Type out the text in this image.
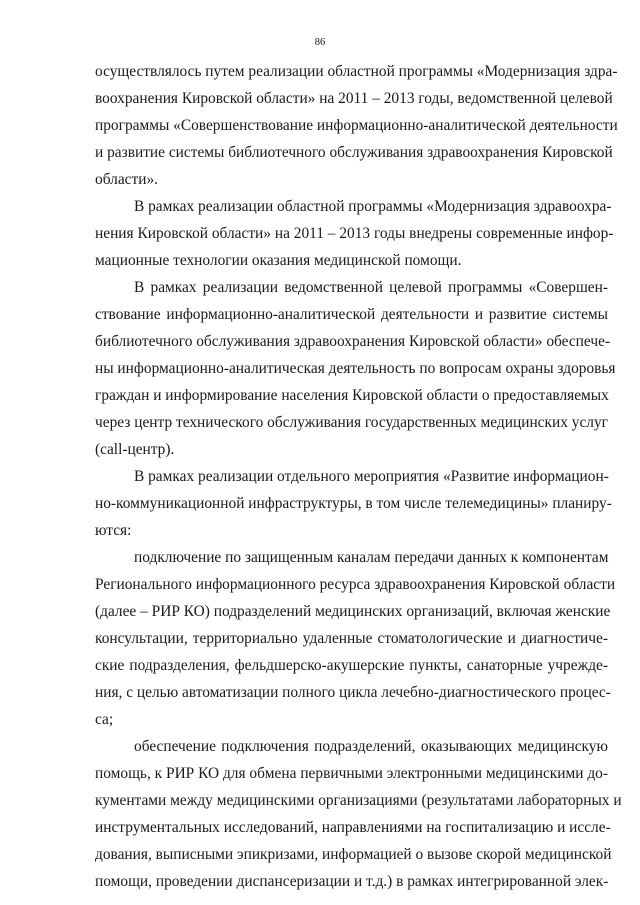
86
осуществлялось путем реализации областной программы «Модернизация здра-
воохранения Кировской области» на 2011 – 2013 годы, ведомственной целевой
программы «Совершенствование информационно-аналитической деятельности
и развитие системы библиотечного обслуживания здравоохранения Кировской
области».
В рамках реализации областной программы «Модернизация здравоохра-
нения Кировской области» на 2011 – 2013 годы внедрены современные инфор-
мационные технологии оказания медицинской помощи.
В рамках реализации ведомственной целевой программы «Совершен-
ствование информационно-аналитической деятельности и развитие системы
библиотечного обслуживания здравоохранения Кировской области» обеспече-
ны информационно-аналитическая деятельность по вопросам охраны здоровья
граждан и информирование населения Кировской области о предоставляемых
через центр технического обслуживания государственных медицинских услуг
(call-центр).
В рамках реализации отдельного мероприятия «Развитие информацион-
но-коммуникационной инфраструктуры, в том числе телемедицины» планиру-
ются:
подключение по защищенным каналам передачи данных к компонентам
Регионального информационного ресурса здравоохранения Кировской области
(далее – РИР КО) подразделений медицинских организаций, включая женские
консультации, территориально удаленные стоматологические и диагностиче-
ские подразделения, фельдшерско-акушерские пункты, санаторные учрежде-
ния, с целью автоматизации полного цикла лечебно-диагностического процес-
са;
обеспечение подключения подразделений, оказывающих медицинскую
помощь, к РИР КО для обмена первичными электронными медицинскими до-
кументами между медицинскими организациями (результатами лабораторных и
инструментальных исследований, направлениями на госпитализацию и иссле-
дования, выписными эпикризами, информацией о вызове скорой медицинской
помощи, проведении диспансеризации и т.д.) в рамках интегрированной элек-
